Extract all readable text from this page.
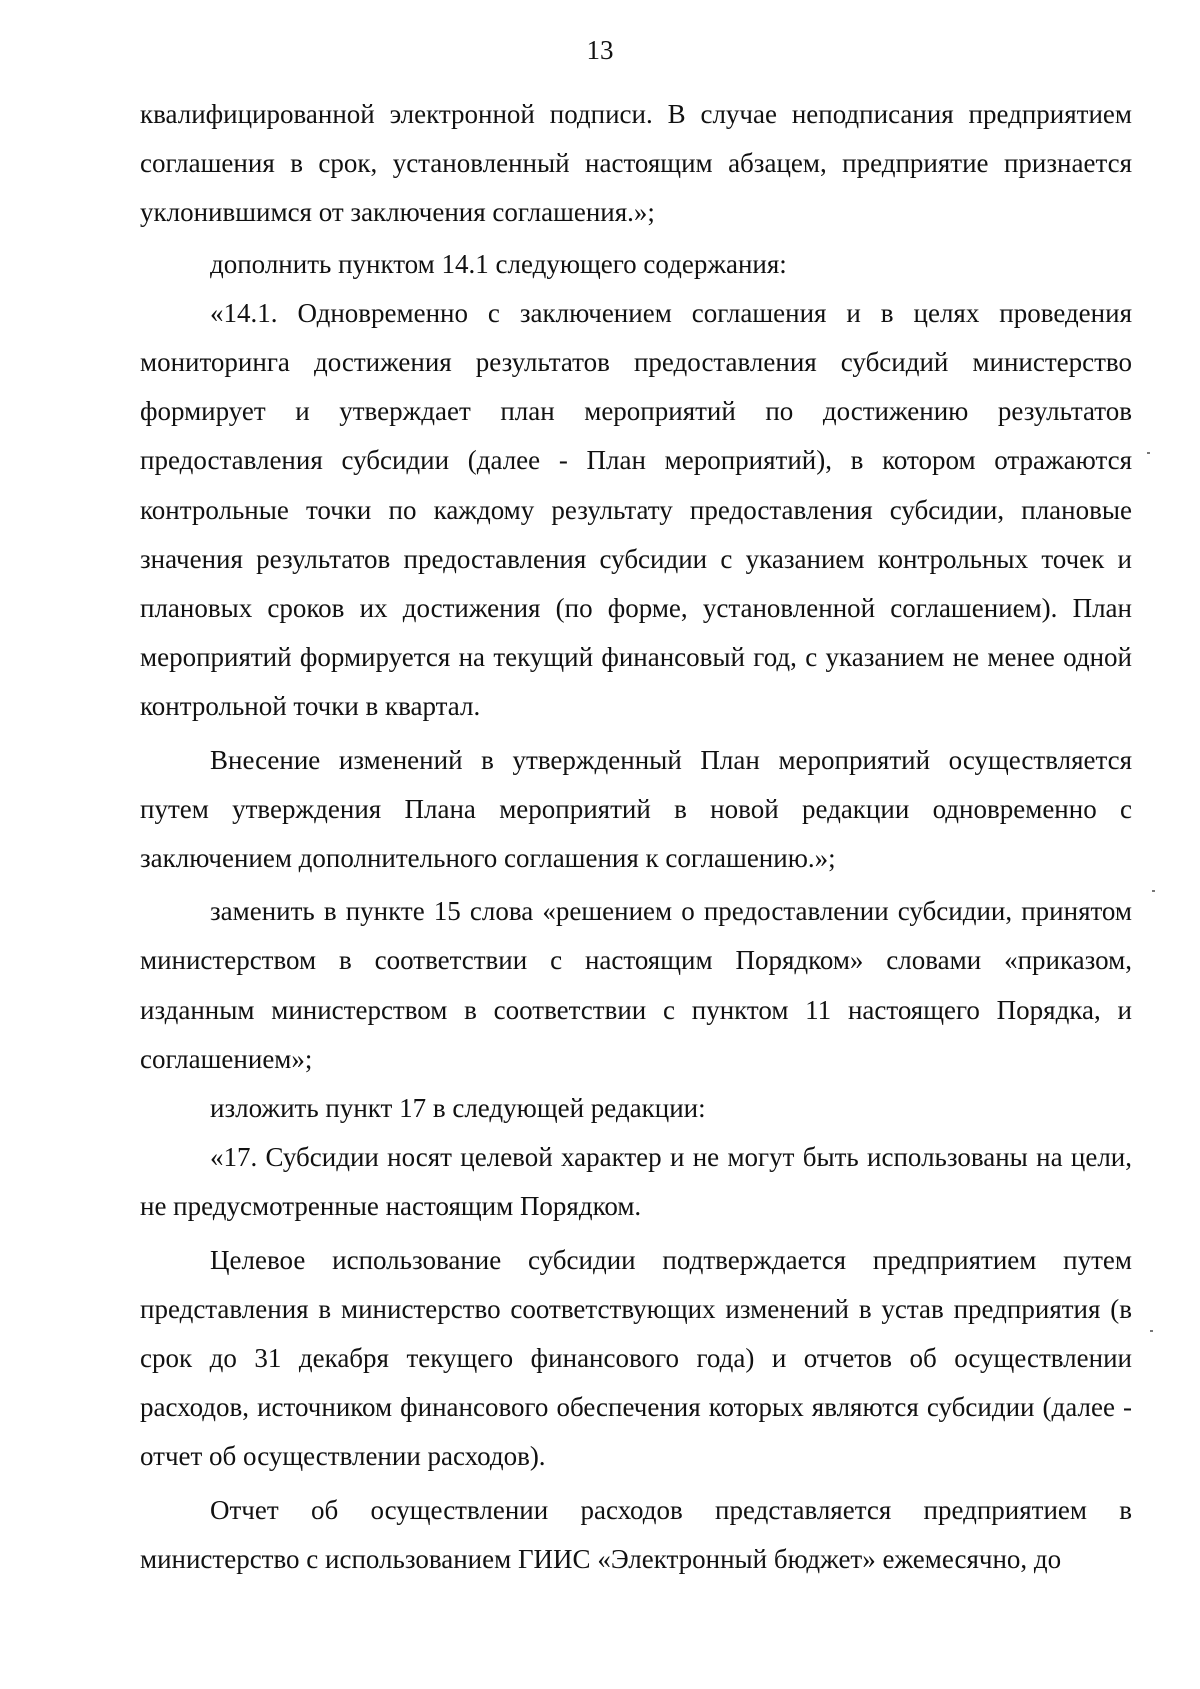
13

квалифицированной электронной подписи. В случае неподписания предприятием соглашения в срок, установленный настоящим абзацем, предприятие признается уклонившимся от заключения соглашения.»;

дополнить пунктом 14.1 следующего содержания:

«14.1. Одновременно с заключением соглашения и в целях проведения мониторинга достижения результатов предоставления субсидий министерство формирует и утверждает план мероприятий по достижению результатов предоставления субсидии (далее - План мероприятий), в котором отражаются контрольные точки по каждому результату предоставления субсидии, плановые значения результатов предоставления субсидии с указанием контрольных точек и плановых сроков их достижения (по форме, установленной соглашением). План мероприятий формируется на текущий финансовый год, с указанием не менее одной контрольной точки в квартал.

Внесение изменений в утвержденный План мероприятий осуществляется путем утверждения Плана мероприятий в новой редакции одновременно с заключением дополнительного соглашения к соглашению.»;

заменить в пункте 15 слова «решением о предоставлении субсидии, принятом министерством в соответствии с настоящим Порядком» словами «приказом, изданным министерством в соответствии с пунктом 11 настоящего Порядка, и соглашением»;

изложить пункт 17 в следующей редакции:

«17. Субсидии носят целевой характер и не могут быть использованы на цели, не предусмотренные настоящим Порядком.

Целевое использование субсидии подтверждается предприятием путем представления в министерство соответствующих изменений в устав предприятия (в срок до 31 декабря текущего финансового года) и отчетов об осуществлении расходов, источником финансового обеспечения которых являются субсидии (далее - отчет об осуществлении расходов).

Отчет об осуществлении расходов представляется предприятием в министерство с использованием ГИИС «Электронный бюджет» ежемесячно, до
